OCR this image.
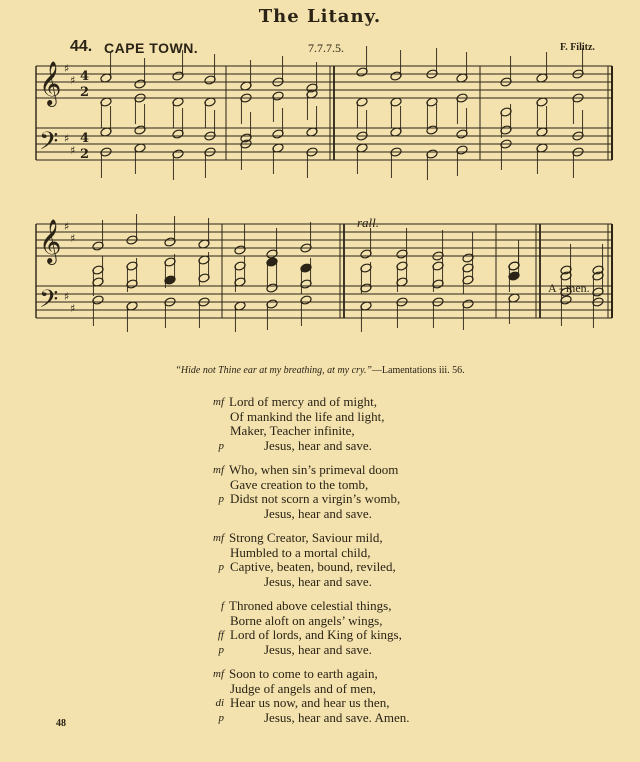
The Litany.
44. CAPE TOWN.	7.7.7.5.	F. Filitz.
𝄞
𝄢
♯
♯
♯
♯
4
2
4
2
𝄞
𝄢
♯
♯
♯
♯
rall.
A - men.
“Hide not Thine ear at my breathing, at my cry.”—Lamentations iii. 56.
mf Lord of mercy and of might,
Of mankind the life and light,
Maker, Teacher infinite,
p	Jesus, hear and save.
mf Who, when sin’s primeval doom
Gave creation to the tomb,
p Didst not scorn a virgin’s womb,
Jesus, hear and save.
mf Strong Creator, Saviour mild,
Humbled to a mortal child,
p Captive, beaten, bound, reviled,
Jesus, hear and save.
f Throned above celestial things,
Borne aloft on angels’ wings,
ff Lord of lords, and King of kings,
p	Jesus, hear and save.
mf Soon to come to earth again,
Judge of angels and of men,
di Hear us now, and hear us then,
p	Jesus, hear and save. Amen.
48
